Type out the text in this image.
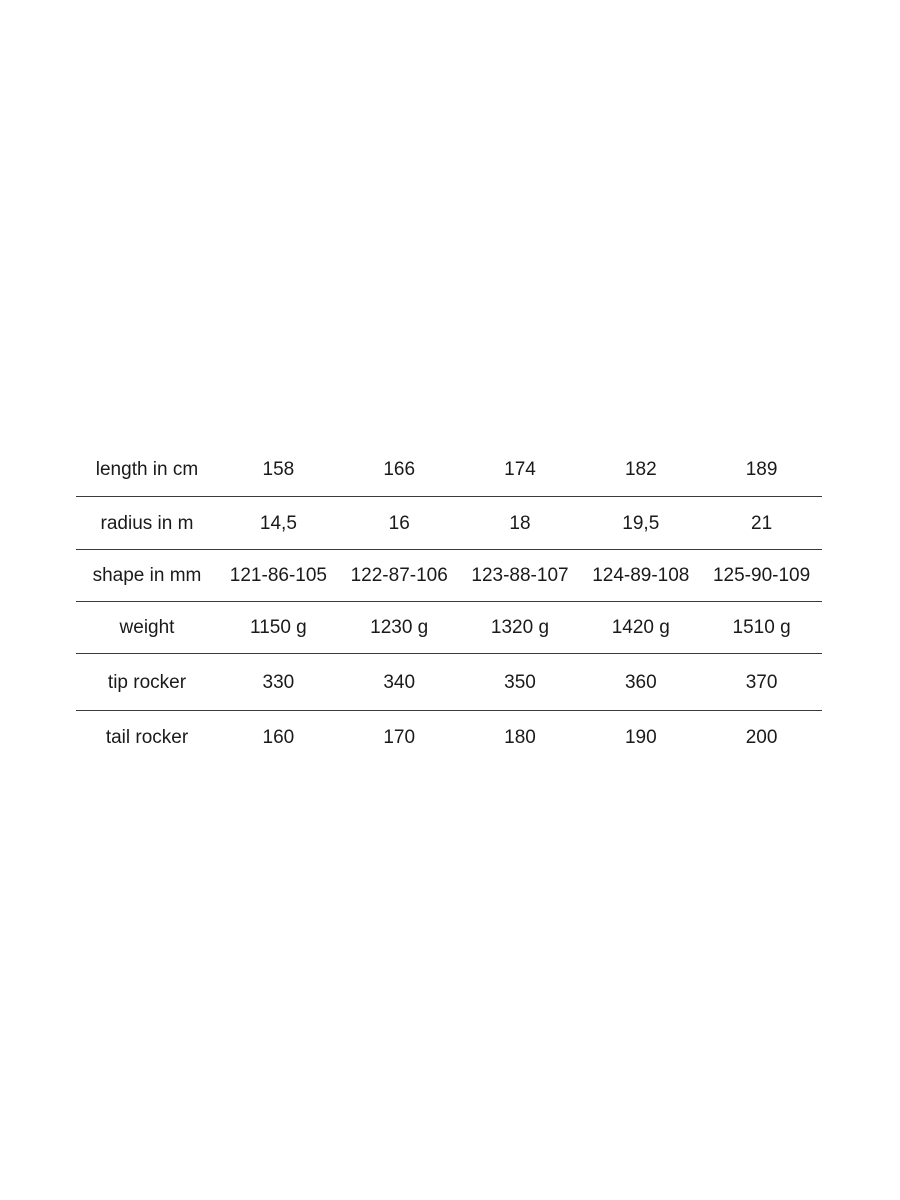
length in cm	158	166	174	182	189
radius in m	14,5	16	18	19,5	21
shape in mm	121-86-105	122-87-106	123-88-107	124-89-108	125-90-109
weight	1150 g	1230 g	1320 g	1420 g	1510 g
tip rocker	330	340	350	360	370
tail rocker	160	170	180	190	200
